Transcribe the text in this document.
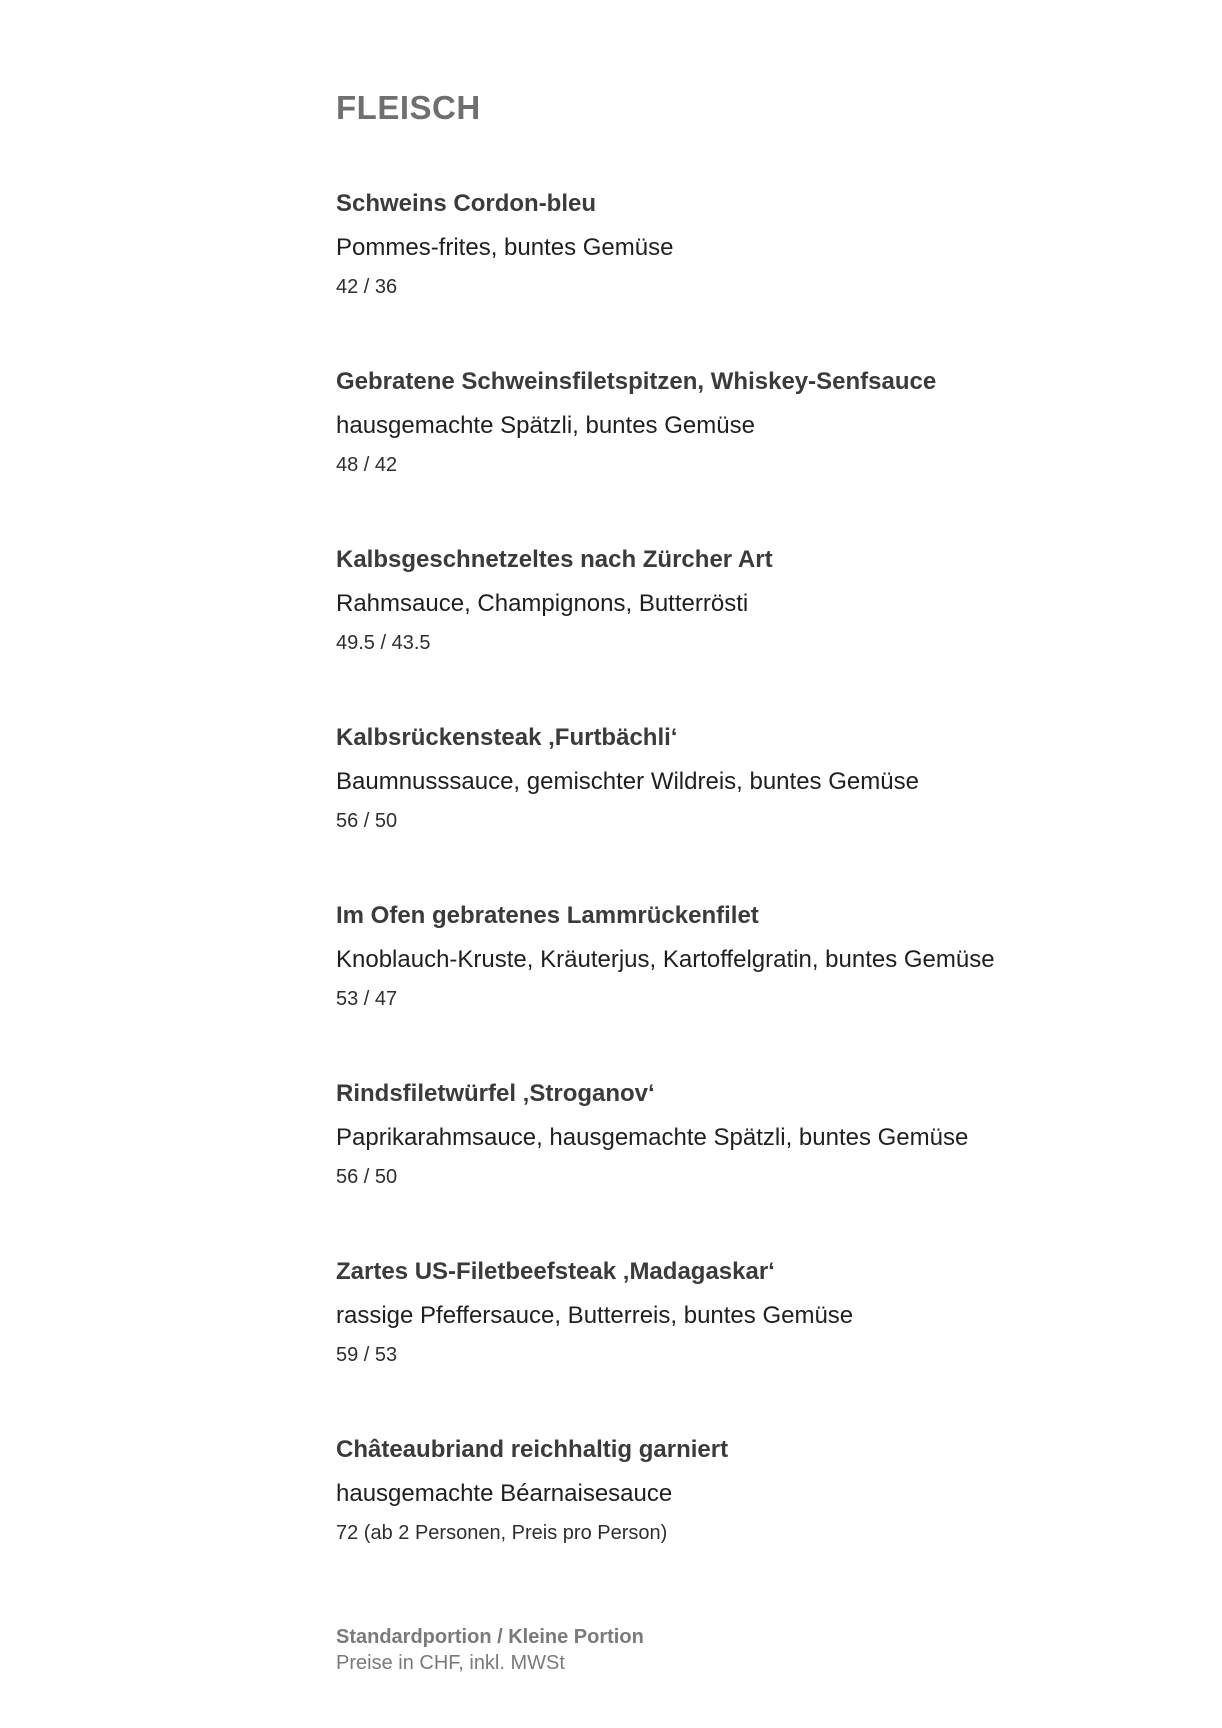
FLEISCH

Schweins Cordon-bleu

Pommes-frites, buntes Gemüse

42 / 36

Gebratene Schweinsfiletspitzen, Whiskey-Senfsauce

hausgemachte Spätzli, buntes Gemüse

48 / 42

Kalbsgeschnetzeltes nach Zürcher Art

Rahmsauce, Champignons, Butterrösti

49.5 / 43.5

Kalbsrückensteak ‚Furtbächli‘

Baumnusssauce, gemischter Wildreis, buntes Gemüse

56 / 50

Im Ofen gebratenes Lammrückenfilet

Knoblauch-Kruste, Kräuterjus, Kartoffelgratin, buntes Gemüse

53 / 47

Rindsfiletwürfel ‚Stroganov‘

Paprikarahmsauce, hausgemachte Spätzli, buntes Gemüse

56 / 50

Zartes US-Filetbeefsteak ‚Madagaskar‘

rassige Pfeffersauce, Butterreis, buntes Gemüse

59 / 53

Châteaubriand reichhaltig garniert

hausgemachte Béarnaisesauce

72 (ab 2 Personen, Preis pro Person)

Standardportion / Kleine Portion

Preise in CHF, inkl. MWSt
